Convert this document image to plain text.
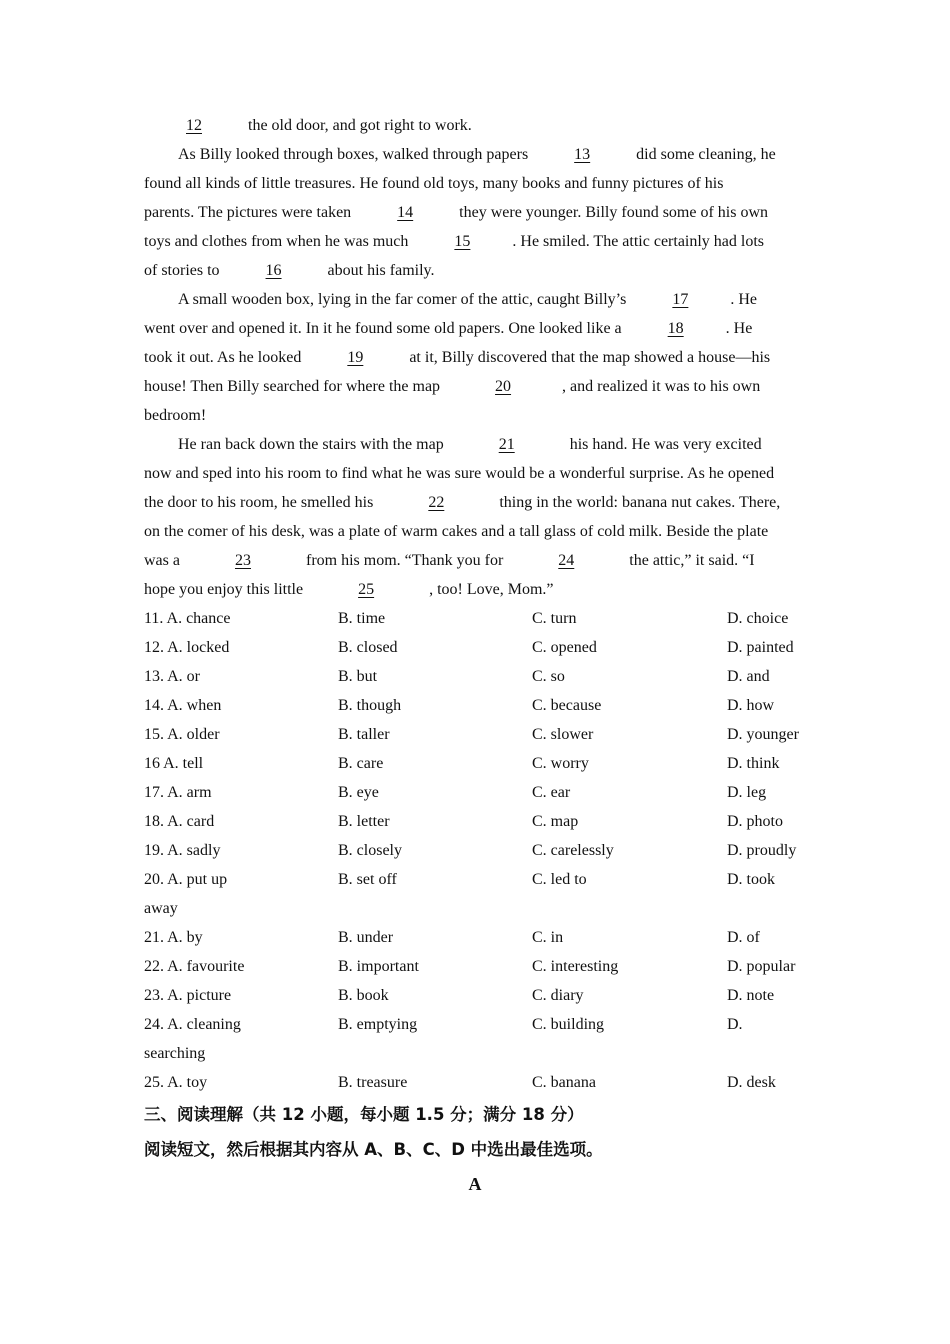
12	the old door, and got right to work.
As Billy looked through boxes, walked through papers	13	did some cleaning, he
found all kinds of little treasures. He found old toys, many books and funny pictures of his
parents. The pictures were taken	14	they were younger. Billy found some of his own
toys and clothes from when he was much	15	. He smiled. The attic certainly had lots
of stories to	16	about his family.
A small wooden box, lying in the far comer of the attic, caught Billy’s	17	. He
went over and opened it. In it he found some old papers. One looked like a	18	. He
took it out. As he looked	19	at it, Billy discovered that the map showed a house—his
house! Then Billy searched for where the map	20	, and realized it was to his own
bedroom!
He ran back down the stairs with the map	21	his hand. He was very excited
now and sped into his room to find what he was sure would be a wonderful surprise. As he opened
the door to his room, he smelled his	22	thing in the world: banana nut cakes. There,
on the comer of his desk, was a plate of warm cakes and a tall glass of cold milk. Beside the plate
was a	23	from his mom. “Thank you for	24	the attic,” it said. “I
hope you enjoy this little	25	, too! Love, Mom.”
11. A. chance	B. time	C. turn	D. choice
12. A. locked	B. closed	C. opened	D. painted
13. A. or	B. but	C. so	D. and
14. A. when	B. though	C. because	D. how
15. A. older	B. taller	C. slower	D. younger
16 A. tell	B. care	C. worry	D. think
17. A. arm	B. eye	C. ear	D. leg
18. A. card	B. letter	C. map	D. photo
19. A. sadly	B. closely	C. carelessly	D. proudly
20. A. put up	B. set off	C. led to	D. took
away
21. A. by	B. under	C. in	D. of
22. A. favourite	B. important	C. interesting	D. popular
23. A. picture	B. book	C. diary	D. note
24. A. cleaning	B. emptying	C. building	D.
searching
25. A. toy	B. treasure	C. banana	D. desk
三、阅读理解（共 12 小题，每小题 1.5 分；满分 18 分）
阅读短文，然后根据其内容从 A、B、C、D 中选出最佳选项。
A
